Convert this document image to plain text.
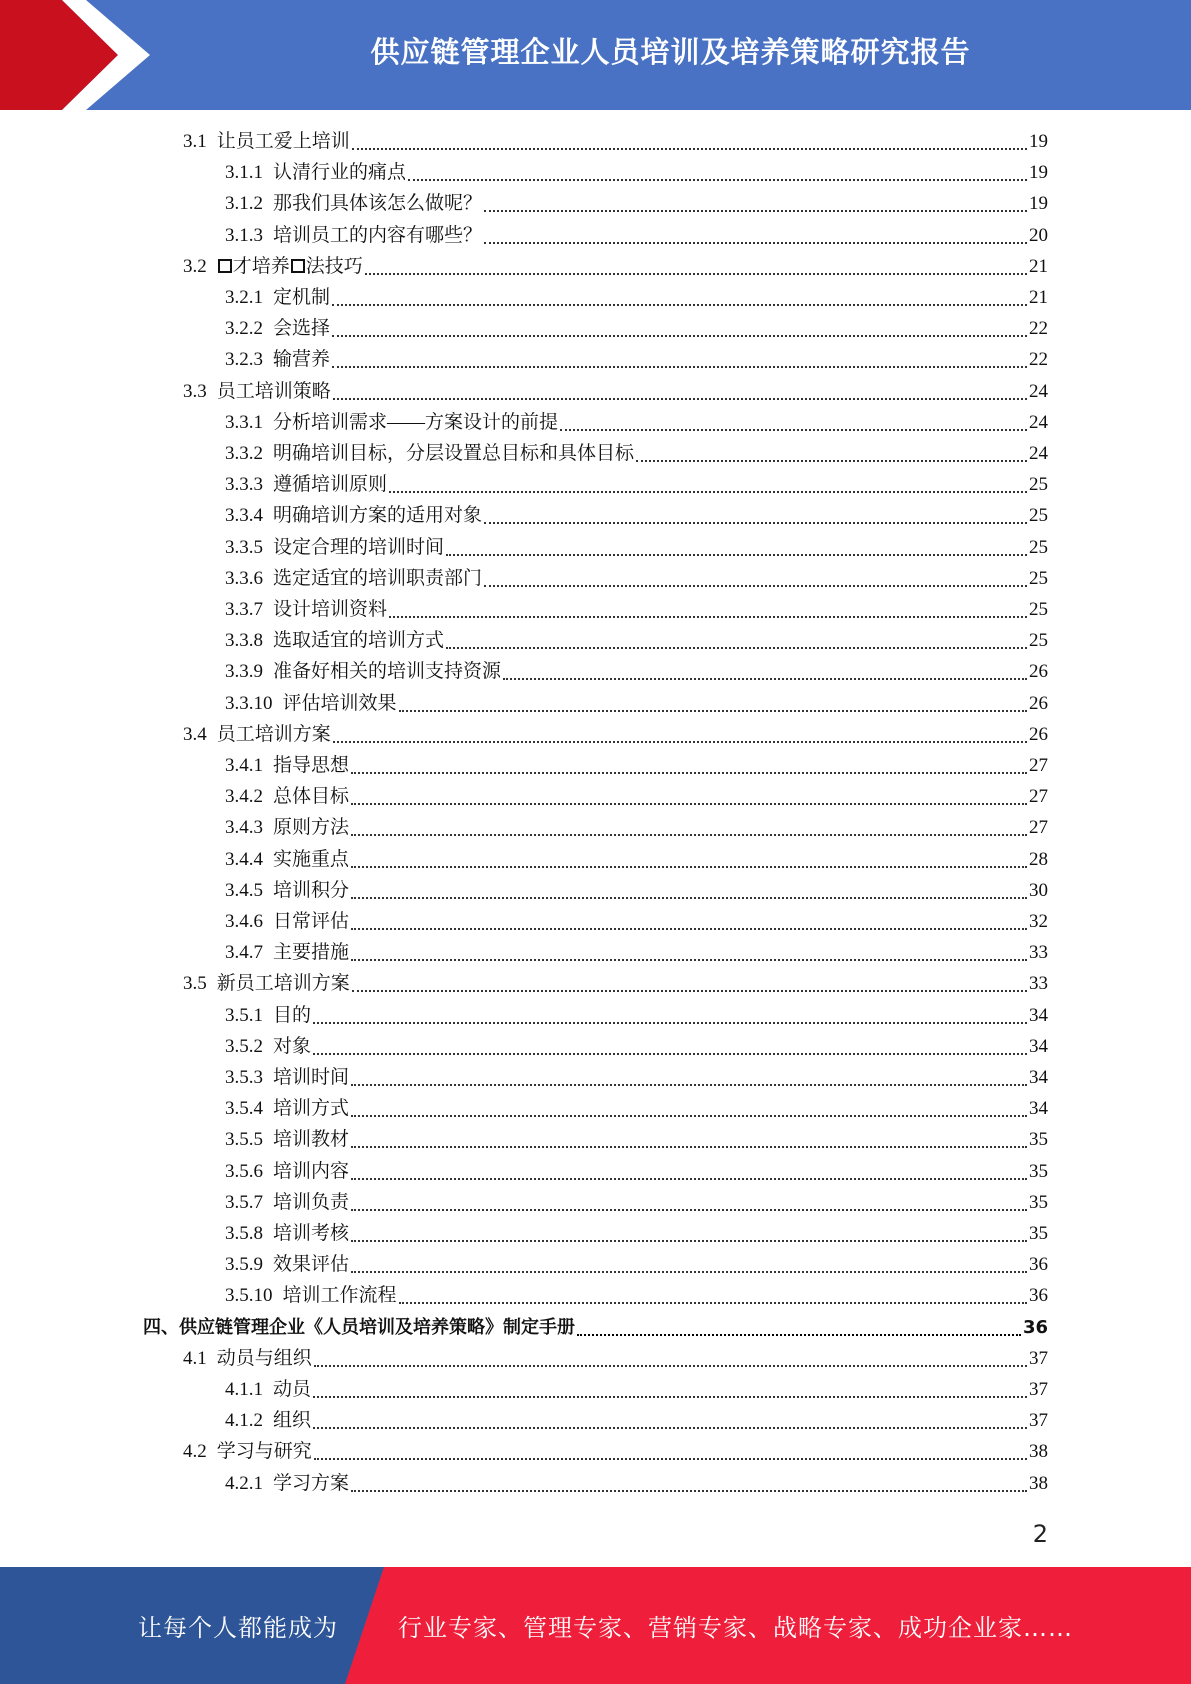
供应链管理企业人员培训及培养策略研究报告
3.1 让员工爱上培训	19
3.1.1 认清行业的痛点	19
3.1.2 那我们具体该怎么做呢？	19
3.1.3 培训员工的内容有哪些？	20
3.2	才培养 法技巧	21
3.2.1 定机制	21
3.2.2 会选择	22
3.2.3 输营养	22
3.3 员工培训策略	24
3.3.1 分析培训需求——方案设计的前提	24
3.3.2 明确培训目标，分层设置总目标和具体目标	24
3.3.3 遵循培训原则	25
3.3.4 明确培训方案的适用对象	25
3.3.5 设定合理的培训时间	25
3.3.6 选定适宜的培训职责部门	25
3.3.7 设计培训资料	25
3.3.8 选取适宜的培训方式	25
3.3.9 准备好相关的培训支持资源	26
3.3.10 评估培训效果	26
3.4 员工培训方案	26
3.4.1 指导思想	27
3.4.2 总体目标	27
3.4.3 原则方法	27
3.4.4 实施重点	28
3.4.5 培训积分	30
3.4.6 日常评估	32
3.4.7 主要措施	33
3.5 新员工培训方案	33
3.5.1 目的	34
3.5.2 对象	34
3.5.3 培训时间	34
3.5.4 培训方式	34
3.5.5 培训教材	35
3.5.6 培训内容	35
3.5.7 培训负责	35
3.5.8 培训考核	35
3.5.9 效果评估	36
3.5.10 培训工作流程	36
四、供应链管理企业《人员培训及培养策略》制定手册	36
4.1 动员与组织	37
4.1.1 动员	37
4.1.2 组织	37
4.2 学习与研究	38
4.2.1 学习方案	38
2
让每个人都能成为	行业专家、管理专家、营销专家、战略专家、成功企业家……
